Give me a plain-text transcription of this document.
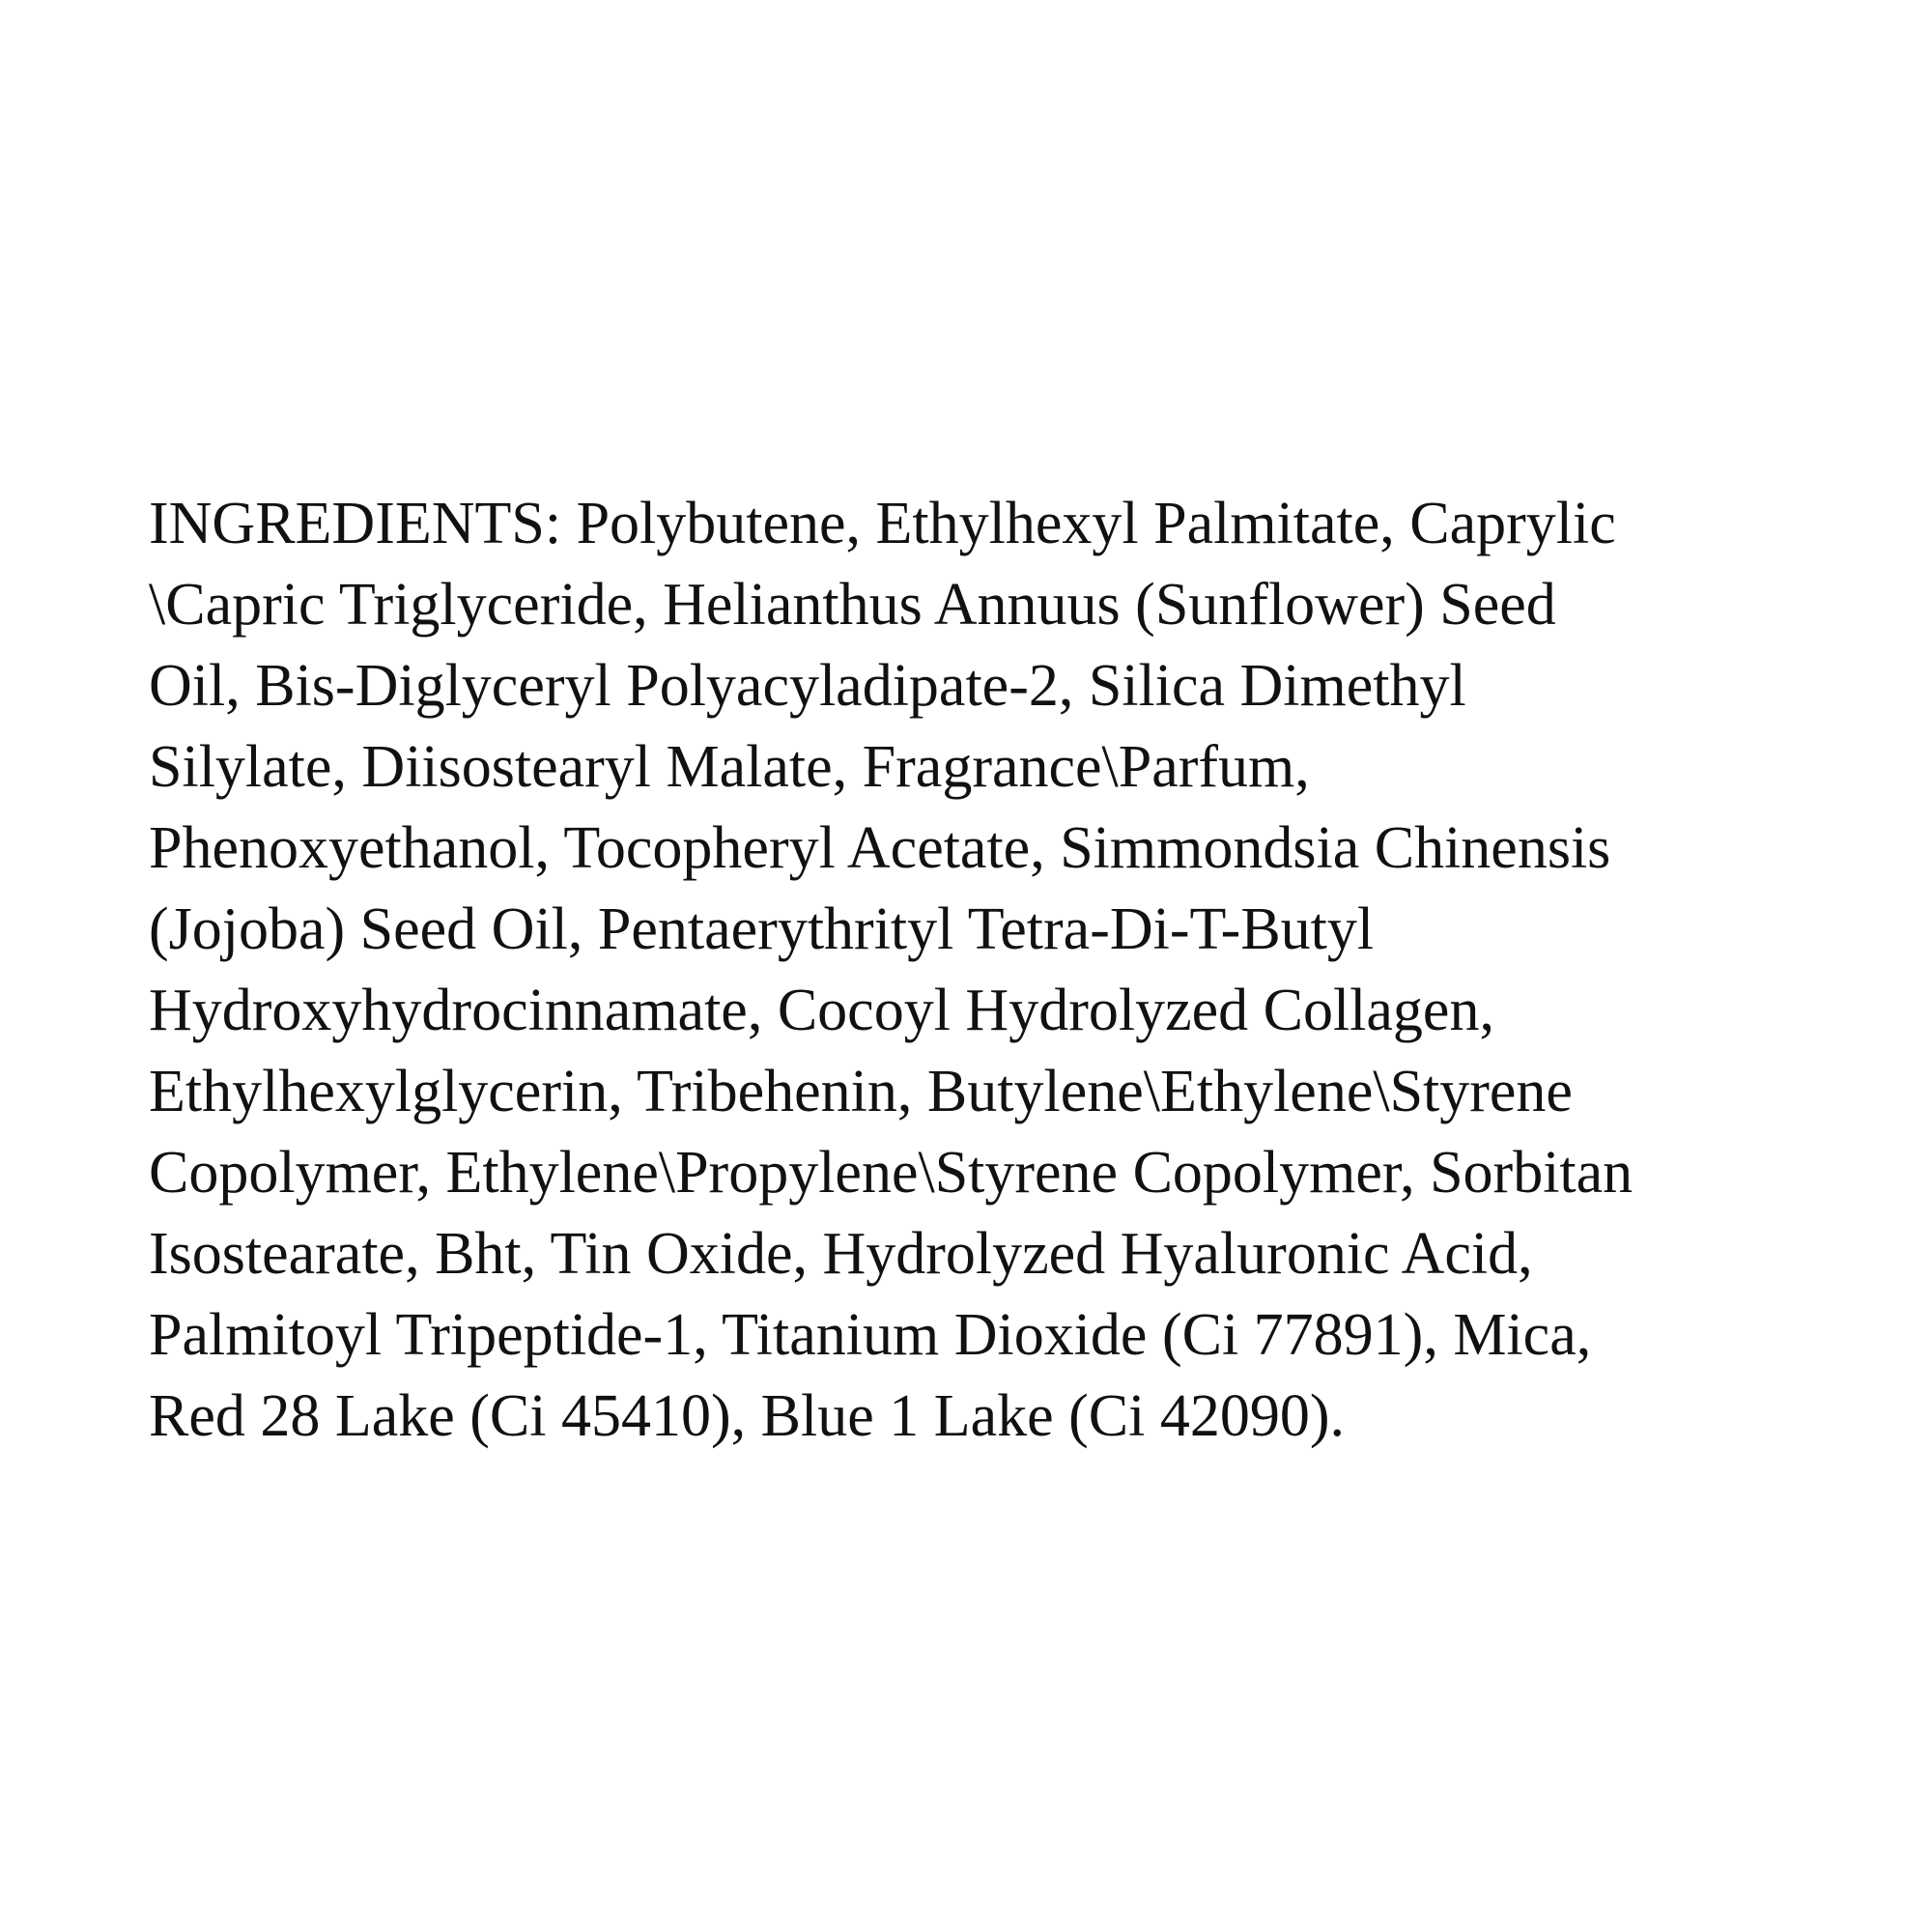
INGREDIENTS: Polybutene, Ethylhexyl Palmitate, Caprylic
\Capric Triglyceride, Helianthus Annuus (Sunflower) Seed
Oil, Bis-Diglyceryl Polyacyladipate-2, Silica Dimethyl
Silylate, Diisostearyl Malate, Fragrance\Parfum,
Phenoxyethanol, Tocopheryl Acetate, Simmondsia Chinensis
(Jojoba) Seed Oil, Pentaerythrityl Tetra-Di-T-Butyl
Hydroxyhydrocinnamate, Cocoyl Hydrolyzed Collagen,
Ethylhexylglycerin, Tribehenin, Butylene\Ethylene\Styrene
Copolymer, Ethylene\Propylene\Styrene Copolymer, Sorbitan
Isostearate, Bht, Tin Oxide, Hydrolyzed Hyaluronic Acid,
Palmitoyl Tripeptide-1, Titanium Dioxide (Ci 77891), Mica,
Red 28 Lake (Ci 45410), Blue 1 Lake (Ci 42090).
